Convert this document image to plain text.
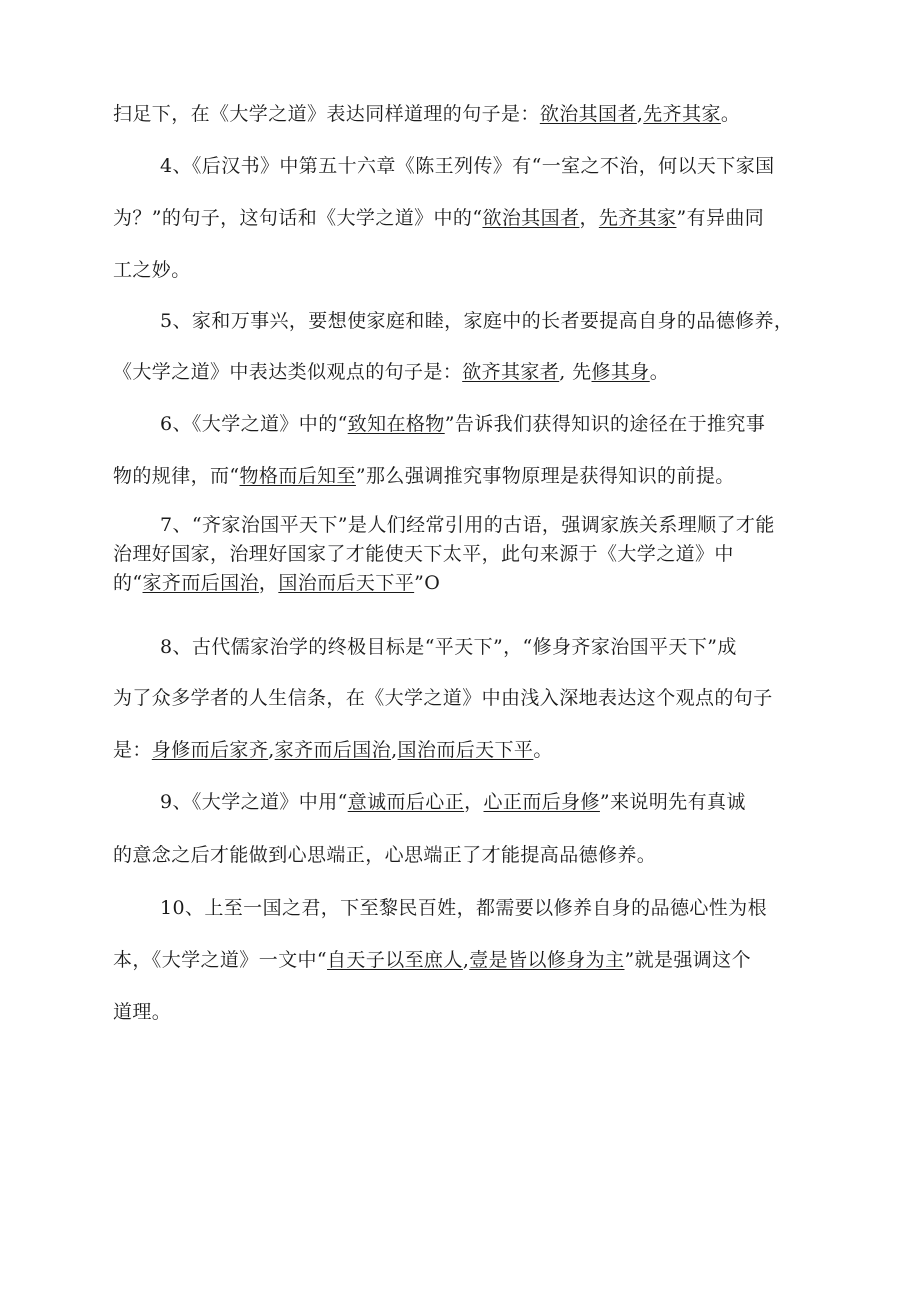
扫足下，在《大学之道》表达同样道理的句子是：欲治其国者,先齐其家。
4、《后汉书》中第五十六章《陈王列传》有“一室之不治，何以天下家国
为？”的句子，这句话和《大学之道》中的“欲治其国者，先齐其家”有异曲同
工之妙。
5、家和万事兴，要想使家庭和睦，家庭中的长者要提高自身的品德修养，
《大学之道》中表达类似观点的句子是：欲齐其家者, 先修其身。
6、《大学之道》中的“致知在格物”告诉我们获得知识的途径在于推究事
物的规律，而“物格而后知至”那么强调推究事物原理是获得知识的前提。
7、“齐家治国平天下”是人们经常引用的古语，强调家族关系理顺了才能
治理好国家，治理好国家了才能使天下太平，此句来源于《大学之道》中
的“家齐而后国治，国治而后天下平”O
8、古代儒家治学的终极目标是“平天下”，“修身齐家治国平天下”成
为了众多学者的人生信条，在《大学之道》中由浅入深地表达这个观点的句子
是：身修而后家齐,家齐而后国治,国治而后天下平。
9、《大学之道》中用“意诚而后心正，心正而后身修”来说明先有真诚
的意念之后才能做到心思端正，心思端正了才能提高品德修养。
10、上至一国之君，下至黎民百姓，都需要以修养自身的品德心性为根
本，《大学之道》一文中“自天子以至庶人,壹是皆以修身为主”就是强调这个
道理。
